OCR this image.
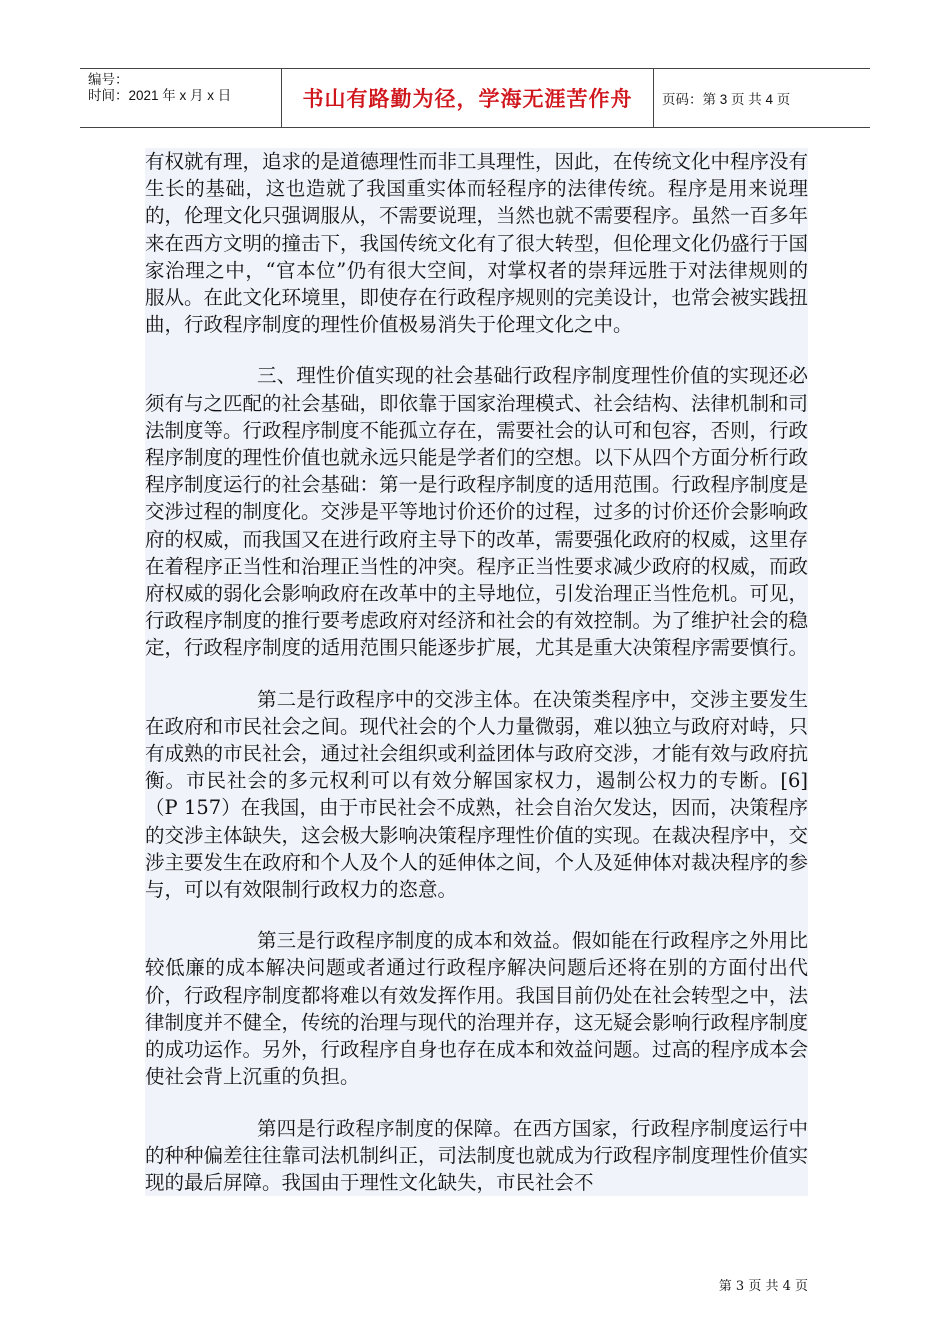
编号：
时间：2021 年 x 月 x 日	书山有路勤为径，学海无涯苦作舟	页码：第 3 页 共 4 页

有权就有理，追求的是道德理性而非工具理性，因此，在传统文化中程序没有生长的基础，这也造就了我国重实体而轻程序的法律传统。程序是用来说理的，伦理文化只强调服从，不需要说理，当然也就不需要程序。虽然一百多年来在西方文明的撞击下，我国传统文化有了很大转型，但伦理文化仍盛行于国家治理之中，“官本位”仍有很大空间，对掌权者的崇拜远胜于对法律规则的服从。在此文化环境里，即使存在行政程序规则的完美设计，也常会被实践扭曲，行政程序制度的理性价值极易消失于伦理文化之中。

三、理性价值实现的社会基础行政程序制度理性价值的实现还必须有与之匹配的社会基础，即依靠于国家治理模式、社会结构、法律机制和司法制度等。行政程序制度不能孤立存在，需要社会的认可和包容，否则，行政程序制度的理性价值也就永远只能是学者们的空想。以下从四个方面分析行政程序制度运行的社会基础：第一是行政程序制度的适用范围。行政程序制度是交涉过程的制度化。交涉是平等地讨价还价的过程，过多的讨价还价会影响政府的权威，而我国又在进行政府主导下的改革，需要强化政府的权威，这里存在着程序正当性和治理正当性的冲突。程序正当性要求减少政府的权威，而政府权威的弱化会影响政府在改革中的主导地位，引发治理正当性危机。可见，行政程序制度的推行要考虑政府对经济和社会的有效控制。为了维护社会的稳定，行政程序制度的适用范围只能逐步扩展，尤其是重大决策程序需要慎行。

第二是行政程序中的交涉主体。在决策类程序中，交涉主要发生在政府和市民社会之间。现代社会的个人力量微弱，难以独立与政府对峙，只有成熟的市民社会，通过社会组织或利益团体与政府交涉，才能有效与政府抗衡。市民社会的多元权利可以有效分解国家权力，遏制公权力的专断。[6]（P 157）在我国，由于市民社会不成熟，社会自治欠发达，因而，决策程序的交涉主体缺失，这会极大影响决策程序理性价值的实现。在裁决程序中，交涉主要发生在政府和个人及个人的延伸体之间，个人及延伸体对裁决程序的参与，可以有效限制行政权力的恣意。

第三是行政程序制度的成本和效益。假如能在行政程序之外用比较低廉的成本解决问题或者通过行政程序解决问题后还将在别的方面付出代价，行政程序制度都将难以有效发挥作用。我国目前仍处在社会转型之中，法律制度并不健全，传统的治理与现代的治理并存，这无疑会影响行政程序制度的成功运作。另外，行政程序自身也存在成本和效益问题。过高的程序成本会使社会背上沉重的负担。

第四是行政程序制度的保障。在西方国家，行政程序制度运行中的种种偏差往往靠司法机制纠正，司法制度也就成为行政程序制度理性价值实现的最后屏障。我国由于理性文化缺失，市民社会不

第 3 页 共 4 页
